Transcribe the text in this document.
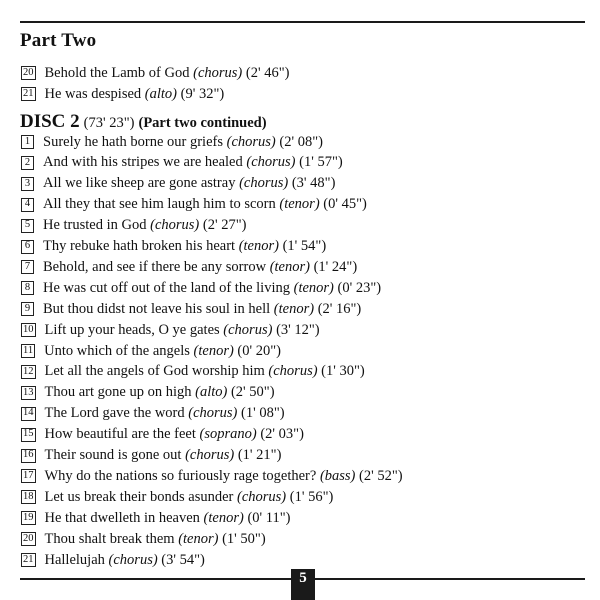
Part Two
20 Behold the Lamb of God
(chorus)
(2' 46")
21 He was despised
(alto)
(9' 32")
DISC 2 (73' 23") (Part two continued)
1 Surely he hath borne our griefs
(chorus)
(2' 08")
2 And with his stripes we are healed
(chorus)
(1' 57")
3 All we like sheep are gone astray
(chorus)
(3' 48")
4 All they that see him laugh him to scorn
(tenor)
(0' 45")
5 He trusted in God
(chorus)
(2' 27")
6 Thy rebuke hath broken his heart
(tenor)
(1' 54")
7 Behold, and see if there be any sorrow
(tenor)
(1' 24")
8 He was cut off out of the land of the living
(tenor)
(0' 23")
9 But thou didst not leave his soul in hell
(tenor)
(2' 16")
10 Lift up your heads, O ye gates
(chorus)
(3' 12")
11 Unto which of the angels
(tenor)
(0' 20")
12 Let all the angels of God worship him
(chorus)
(1' 30")
13 Thou art gone up on high
(alto)
(2' 50")
14 The Lord gave the word
(chorus)
(1' 08")
15 How beautiful are the feet
(soprano)
(2' 03")
16 Their sound is gone out
(chorus)
(1' 21")
17 Why do the nations so furiously rage together?
(bass)
(2' 52")
18 Let us break their bonds asunder
(chorus)
(1' 56")
19 He that dwelleth in heaven
(tenor)
(0' 11")
20 Thou shalt break them
(tenor)
(1' 50")
21 Hallelujah
(chorus)
(3' 54")
5
